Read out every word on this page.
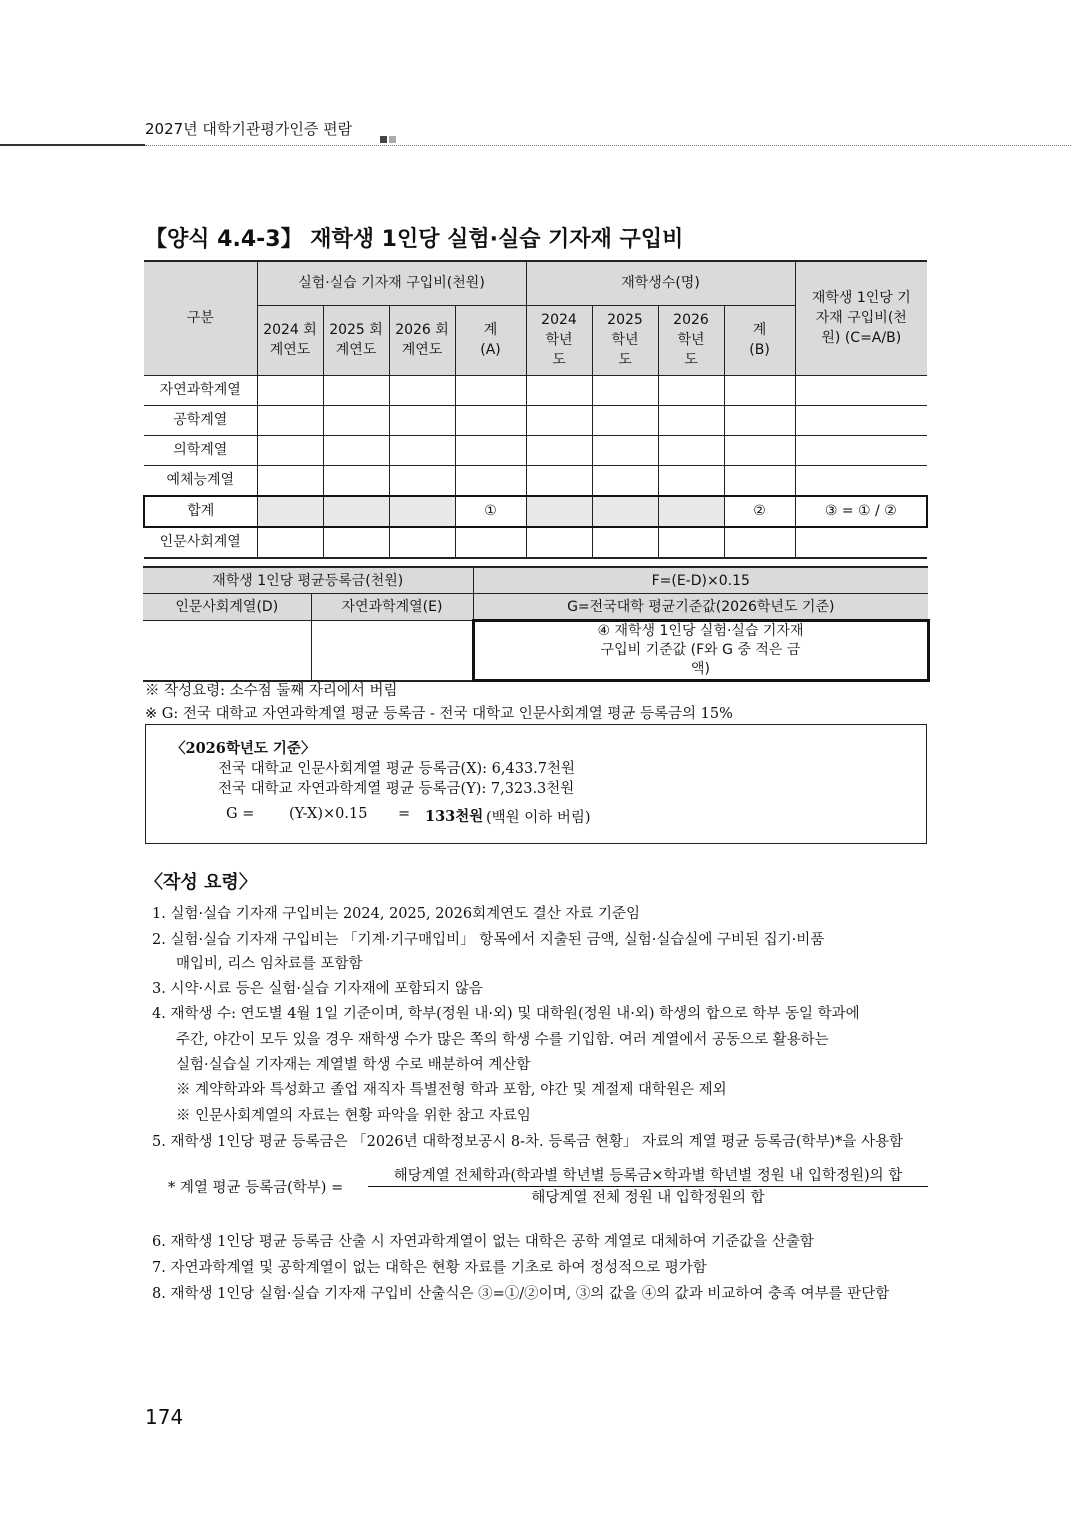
2027년 대학기관평가인증 편람
【양식 4.4-3】 재학생 1인당 실험·실습 기자재 구입비
구분	실험·실습 기자재 구입비(천원)				재학생수(명)				재학생 1인당 기자재 구입비(천원) (C=A/B)
	2024 회계연도	2025 회계연도	2026 회계연도	계 (A)	2024 학년도	2025 학년도	2026 학년도	계 (B)	
자연과학계열									
공학계열									
의학계열									
예체능계열									
합계				①				②	③ = ① / ②
인문사회계열									
재학생 1인당 평균등록금(천원)		F=(E-D)×0.15
인문사회계열(D)	자연과학계열(E)	G=전국대학 평균기준값(2026학년도 기준)
		④ 재학생 1인당 실험·실습 기자재 구입비 기준값 (F와 G 중 적은 금액)
※ 작성요령: 소수점 둘째 자리에서 버림
※ G: 전국 대학교 자연과학계열 평균 등록금 - 전국 대학교 인문사회계열 평균 등록금의 15%
〈2026학년도 기준〉
전국 대학교 인문사회계열 평균 등록금(X): 6,433.7천원
전국 대학교 자연과학계열 평균 등록금(Y): 7,323.3천원
G = (Y-X)×0.15 = 133천원 (백원 이하 버림)
〈작성 요령〉
1. 실험·실습 기자재 구입비는 2024, 2025, 2026회계연도 결산 자료 기준임
2. 실험·실습 기자재 구입비는 「기계·기구매입비」 항목에서 지출된 금액, 실험·실습실에 구비된 집기·비품
매입비, 리스 임차료를 포함함
3. 시약·시료 등은 실험·실습 기자재에 포함되지 않음
4. 재학생 수: 연도별 4월 1일 기준이며, 학부(정원 내·외) 및 대학원(정원 내·외) 학생의 합으로 학부 동일 학과에
주간, 야간이 모두 있을 경우 재학생 수가 많은 쪽의 학생 수를 기입함. 여러 계열에서 공동으로 활용하는
실험·실습실 기자재는 계열별 학생 수로 배분하여 계산함
※ 계약학과와 특성화고 졸업 재직자 특별전형 학과 포함, 야간 및 계절제 대학원은 제외
※ 인문사회계열의 자료는 현황 파악을 위한 참고 자료임
5. 재학생 1인당 평균 등록금은 「2026년 대학정보공시 8-차. 등록금 현황」 자료의 계열 평균 등록금(학부)*을 사용함
* 계열 평균 등록금(학부) =
해당계열 전체학과(학과별 학년별 등록금×학과별 학년별 정원 내 입학정원)의 합
해당계열 전체 정원 내 입학정원의 합
6. 재학생 1인당 평균 등록금 산출 시 자연과학계열이 없는 대학은 공학 계열로 대체하여 기준값을 산출함
7. 자연과학계열 및 공학계열이 없는 대학은 현황 자료를 기초로 하여 정성적으로 평가함
8. 재학생 1인당 실험·실습 기자재 구입비 산출식은 ③=①/②이며, ③의 값을 ④의 값과 비교하여 충족 여부를 판단함
174
